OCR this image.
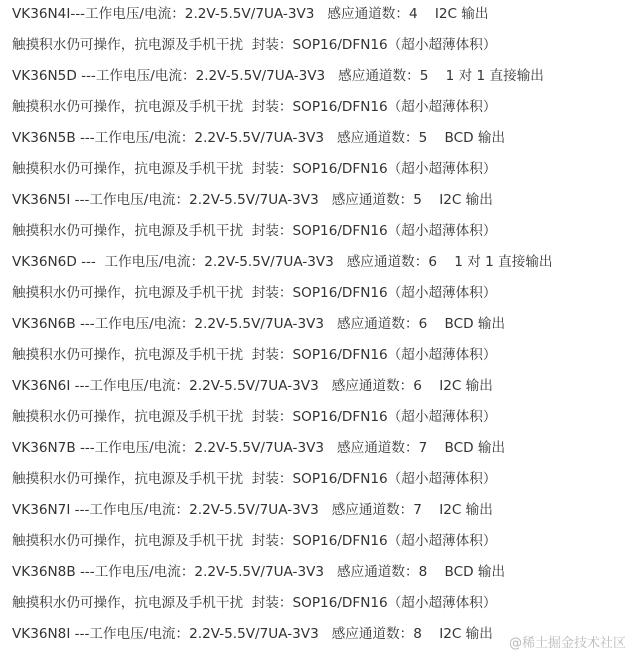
VK36N4I---工作电压/电流：2.2V-5.5V/7UA-3V3   感应通道数：4    I2C 输出
触摸积水仍可操作，抗电源及手机干扰  封装：SOP16/DFN16（超小超薄体积）
VK36N5D ---工作电压/电流：2.2V-5.5V/7UA-3V3   感应通道数：5    1 对 1 直接输出
触摸积水仍可操作，抗电源及手机干扰  封装：SOP16/DFN16（超小超薄体积）
VK36N5B ---工作电压/电流：2.2V-5.5V/7UA-3V3   感应通道数：5    BCD 输出
触摸积水仍可操作，抗电源及手机干扰  封装：SOP16/DFN16（超小超薄体积）
VK36N5I ---工作电压/电流：2.2V-5.5V/7UA-3V3   感应通道数：5    I2C 输出
触摸积水仍可操作，抗电源及手机干扰  封装：SOP16/DFN16（超小超薄体积）
VK36N6D ---  工作电压/电流：2.2V-5.5V/7UA-3V3   感应通道数：6    1 对 1 直接输出
触摸积水仍可操作，抗电源及手机干扰  封装：SOP16/DFN16（超小超薄体积）
VK36N6B ---工作电压/电流：2.2V-5.5V/7UA-3V3   感应通道数：6    BCD 输出
触摸积水仍可操作，抗电源及手机干扰  封装：SOP16/DFN16（超小超薄体积）
VK36N6I ---工作电压/电流：2.2V-5.5V/7UA-3V3   感应通道数：6    I2C 输出
触摸积水仍可操作，抗电源及手机干扰  封装：SOP16/DFN16（超小超薄体积）
VK36N7B ---工作电压/电流：2.2V-5.5V/7UA-3V3   感应通道数：7    BCD 输出
触摸积水仍可操作，抗电源及手机干扰  封装：SOP16/DFN16（超小超薄体积）
VK36N7I ---工作电压/电流：2.2V-5.5V/7UA-3V3   感应通道数：7    I2C 输出
触摸积水仍可操作，抗电源及手机干扰  封装：SOP16/DFN16（超小超薄体积）
VK36N8B ---工作电压/电流：2.2V-5.5V/7UA-3V3   感应通道数：8    BCD 输出
触摸积水仍可操作，抗电源及手机干扰  封装：SOP16/DFN16（超小超薄体积）
VK36N8I ---工作电压/电流：2.2V-5.5V/7UA-3V3   感应通道数：8    I2C 输出
@稀土掘金技术社区
